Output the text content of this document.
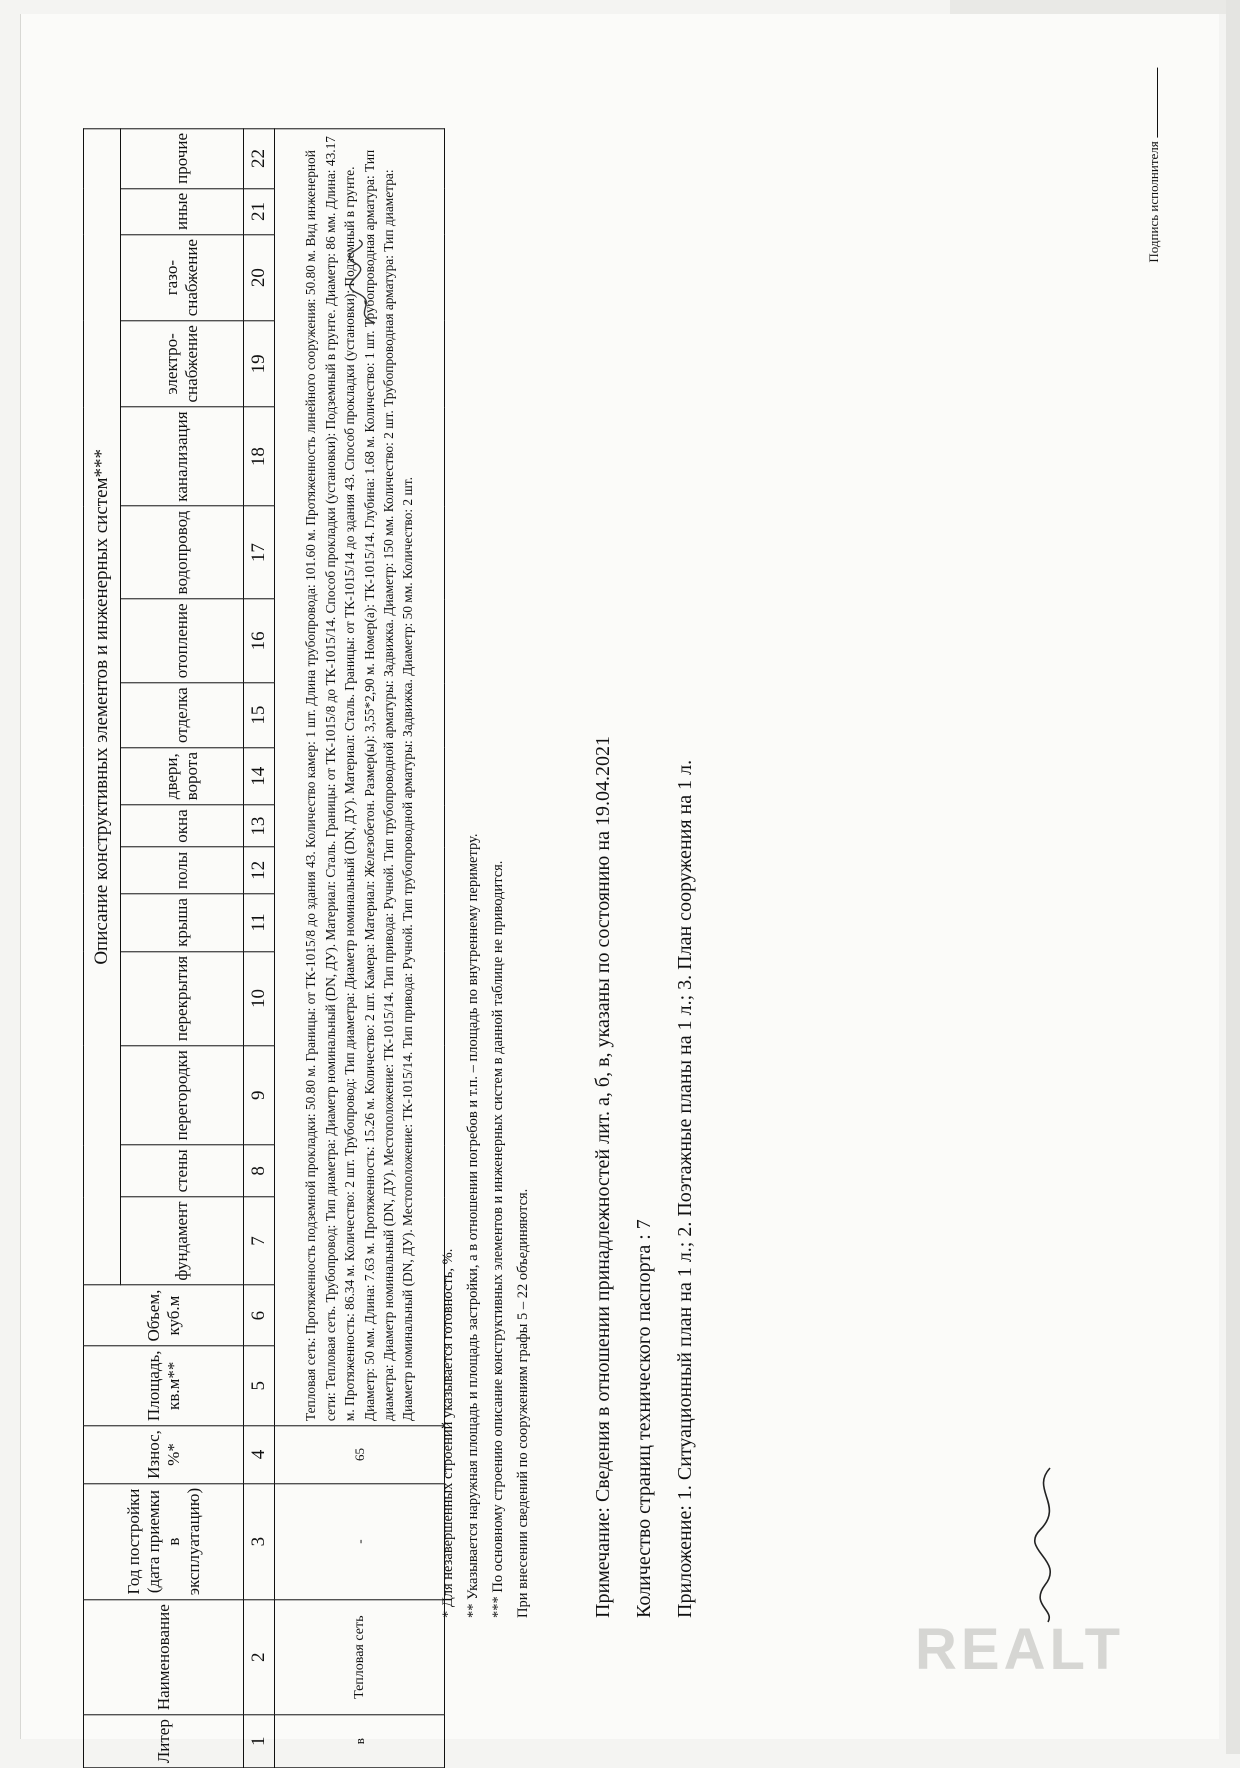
Подпись исполнителя

* Для незавершенных строений указывается готовность, %. ** Указывается наружная площадь и площадь застройки, а в отношении погребов и т.п. – площадь по внутреннему периметру. *** По основному строению описание конструктивных элементов и инженерных систем в данной таблице не приводится. При внесении сведений по сооружениям графы 5 – 22 объединяются.	Примечание: Сведения в отношении принадлежностей лит. а, б, в, указаны по состоянию на 19.04.2021 Количество страниц технического паспорта : 7 Приложение: 1. Ситуационный план на 1 л.; 2. Поэтажные планы на 1 л.; 3. План сооружения на 1 л.

Литер	Наименование	Год постройки (дата приемки в эксплуатацию)	Износ, %*	Площадь, кв.м**	Объем, куб.м	Описание конструктивных элементов и инженерных систем***															
						фундамент	стены	перегородки	перекрытия	крыша	полы	окна	двери, ворота	отделка	отопление	водопровод	канализация	электро-снабжение	газо-снабжение	иные	прочие
1	2	3	4	5	6	7	8	9	10	11	12	13	14	15	16	17	18	19	20	21	22
в	Тепловая сеть	-	65	Тепловая сеть: Протяженность подземной прокладки: 50.80 м. Границы: от ТК-1015/8 до здания 43. Количество камер: 1 шт. Длина трубопровода: 101.60 м. Протяженность линейного сооружения: 50.80 м. Вид инженерной сети: Тепловая сеть. Трубопровод: Тип диаметра: Диаметр номинальный (DN, ДУ). Материал: Сталь. Границы: от ТК-1015/8 до ТК-1015/14. Способ прокладки (установки): Подземный в грунте. Диаметр: 86 мм. Длина: 43.17 м. Протяженность: 86.34 м. Количество: 2 шт. Трубопровод: Тип диаметра: Диаметр номинальный (DN, ДУ). Материал: Сталь. Границы: от ТК-1015/14 до здания 43. Способ прокладки (установки): Подземный в грунте. Диаметр: 50 мм. Длина: 7.63 м. Протяженность: 15.26 м. Количество: 2 шт. Камера: Материал: Железобетон. Размер(ы): 3,55*2,90 м. Номер(а): ТК-1015/14. Глубина: 1.68 м. Количество: 1 шт. Трубопроводная арматура: Тип диаметра: Диаметр номинальный (DN, ДУ). Местоположение: ТК-1015/14. Тип привода: Ручной. Тип трубопроводной арматуры: Задвижка. Диаметр: 150 мм. Количество: 2 шт. Трубопроводная арматура: Тип диаметра: Диаметр номинальный (DN, ДУ). Местоположение: ТК-1015/14. Тип привода: Ручной. Тип трубопроводной арматуры: Задвижка. Диаметр: 50 мм. Количество: 2 шт.																	
REALT
